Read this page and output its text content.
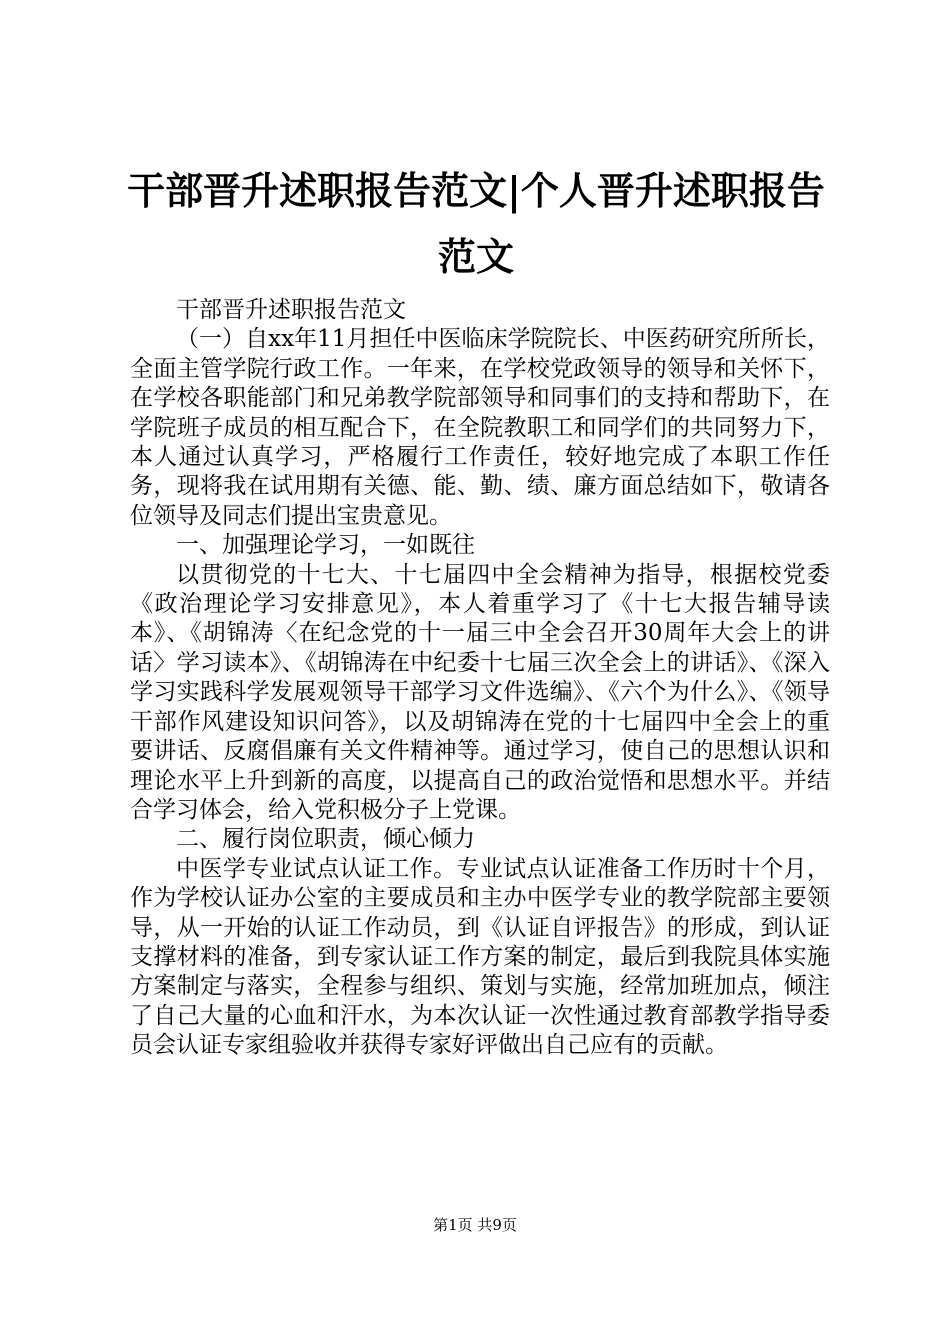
干部晋升述职报告范文|个人晋升述职报告范文

干部晋升述职报告范文

（一）自xx年11月担任中医临床学院院长、中医药研究所所长，全面主管学院行政工作。一年来，在学校党政领导的领导和关怀下，在学校各职能部门和兄弟教学院部领导和同事们的支持和帮助下，在学院班子成员的相互配合下，在全院教职工和同学们的共同努力下，本人通过认真学习，严格履行工作责任，较好地完成了本职工作任务，现将我在试用期有关德、能、勤、绩、廉方面总结如下，敬请各位领导及同志们提出宝贵意见。

一、加强理论学习，一如既往

以贯彻党的十七大、十七届四中全会精神为指导，根据校党委《政治理论学习安排意见》，本人着重学习了《十七大报告辅导读本》、《胡锦涛〈在纪念党的十一届三中全会召开30周年大会上的讲话〉学习读本》、《胡锦涛在中纪委十七届三次全会上的讲话》、《深入学习实践科学发展观领导干部学习文件选编》、《六个为什么》、《领导干部作风建设知识问答》，以及胡锦涛在党的十七届四中全会上的重要讲话、反腐倡廉有关文件精神等。通过学习，使自己的思想认识和理论水平上升到新的高度，以提高自己的政治觉悟和思想水平。并结合学习体会，给入党积极分子上党课。

二、履行岗位职责，倾心倾力

中医学专业试点认证工作。专业试点认证准备工作历时十个月，作为学校认证办公室的主要成员和主办中医学专业的教学院部主要领导，从一开始的认证工作动员，到《认证自评报告》的形成，到认证支撑材料的准备，到专家认证工作方案的制定，最后到我院具体实施方案制定与落实，全程参与组织、策划与实施，经常加班加点，倾注了自己大量的心血和汗水，为本次认证一次性通过教育部教学指导委员会认证专家组验收并获得专家好评做出自己应有的贡献。

第1页 共9页
